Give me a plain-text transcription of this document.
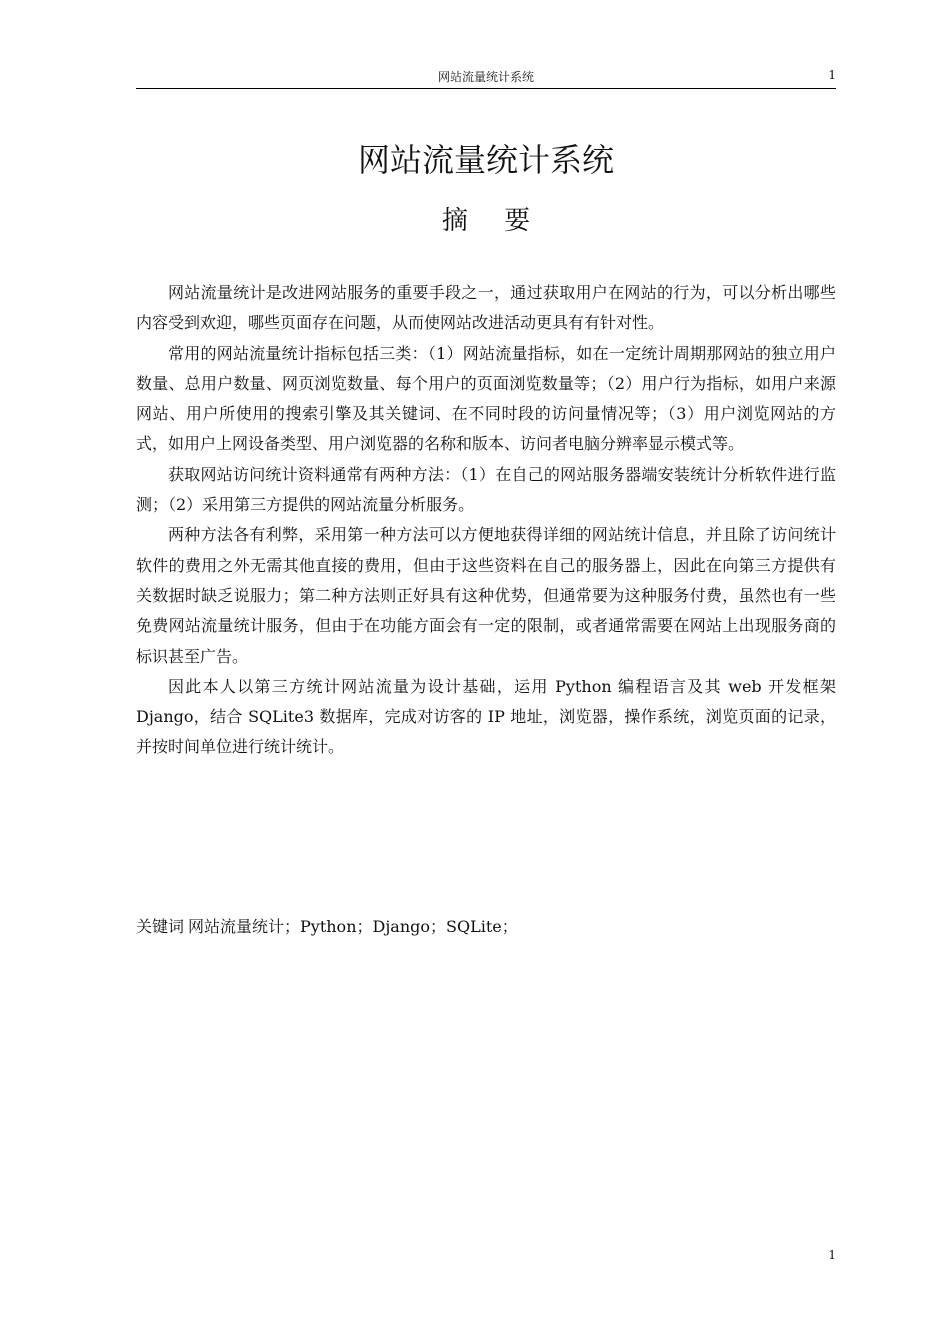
网站流量统计系统	1
网站流量统计系统
摘 要

网站流量统计是改进网站服务的重要手段之一，通过获取用户在网站的行为，可以分析出哪些内容受到欢迎，哪些页面存在问题，从而使网站改进活动更具有有针对性。

常用的网站流量统计指标包括三类：（1）网站流量指标，如在一定统计周期那网站的独立用户数量、总用户数量、网页浏览数量、每个用户的页面浏览数量等；（2）用户行为指标，如用户来源网站、用户所使用的搜索引擎及其关键词、在不同时段的访问量情况等；（3）用户浏览网站的方式，如用户上网设备类型、用户浏览器的名称和版本、访问者电脑分辨率显示模式等。

获取网站访问统计资料通常有两种方法：（1）在自己的网站服务器端安装统计分析软件进行监测；（2）采用第三方提供的网站流量分析服务。

两种方法各有利弊，采用第一种方法可以方便地获得详细的网站统计信息，并且除了访问统计软件的费用之外无需其他直接的费用，但由于这些资料在自己的服务器上，因此在向第三方提供有关数据时缺乏说服力；第二种方法则正好具有这种优势，但通常要为这种服务付费，虽然也有一些免费网站流量统计服务，但由于在功能方面会有一定的限制，或者通常需要在网站上出现服务商的标识甚至广告。

因此本人以第三方统计网站流量为设计基础，运用 Python 编程语言及其 web 开发框架 Django，结合 SQLite3 数据库，完成对访客的 IP 地址，浏览器，操作系统，浏览页面的记录，并按时间单位进行统计统计。

关键词 网站流量统计；Python；Django；SQLite；
1
